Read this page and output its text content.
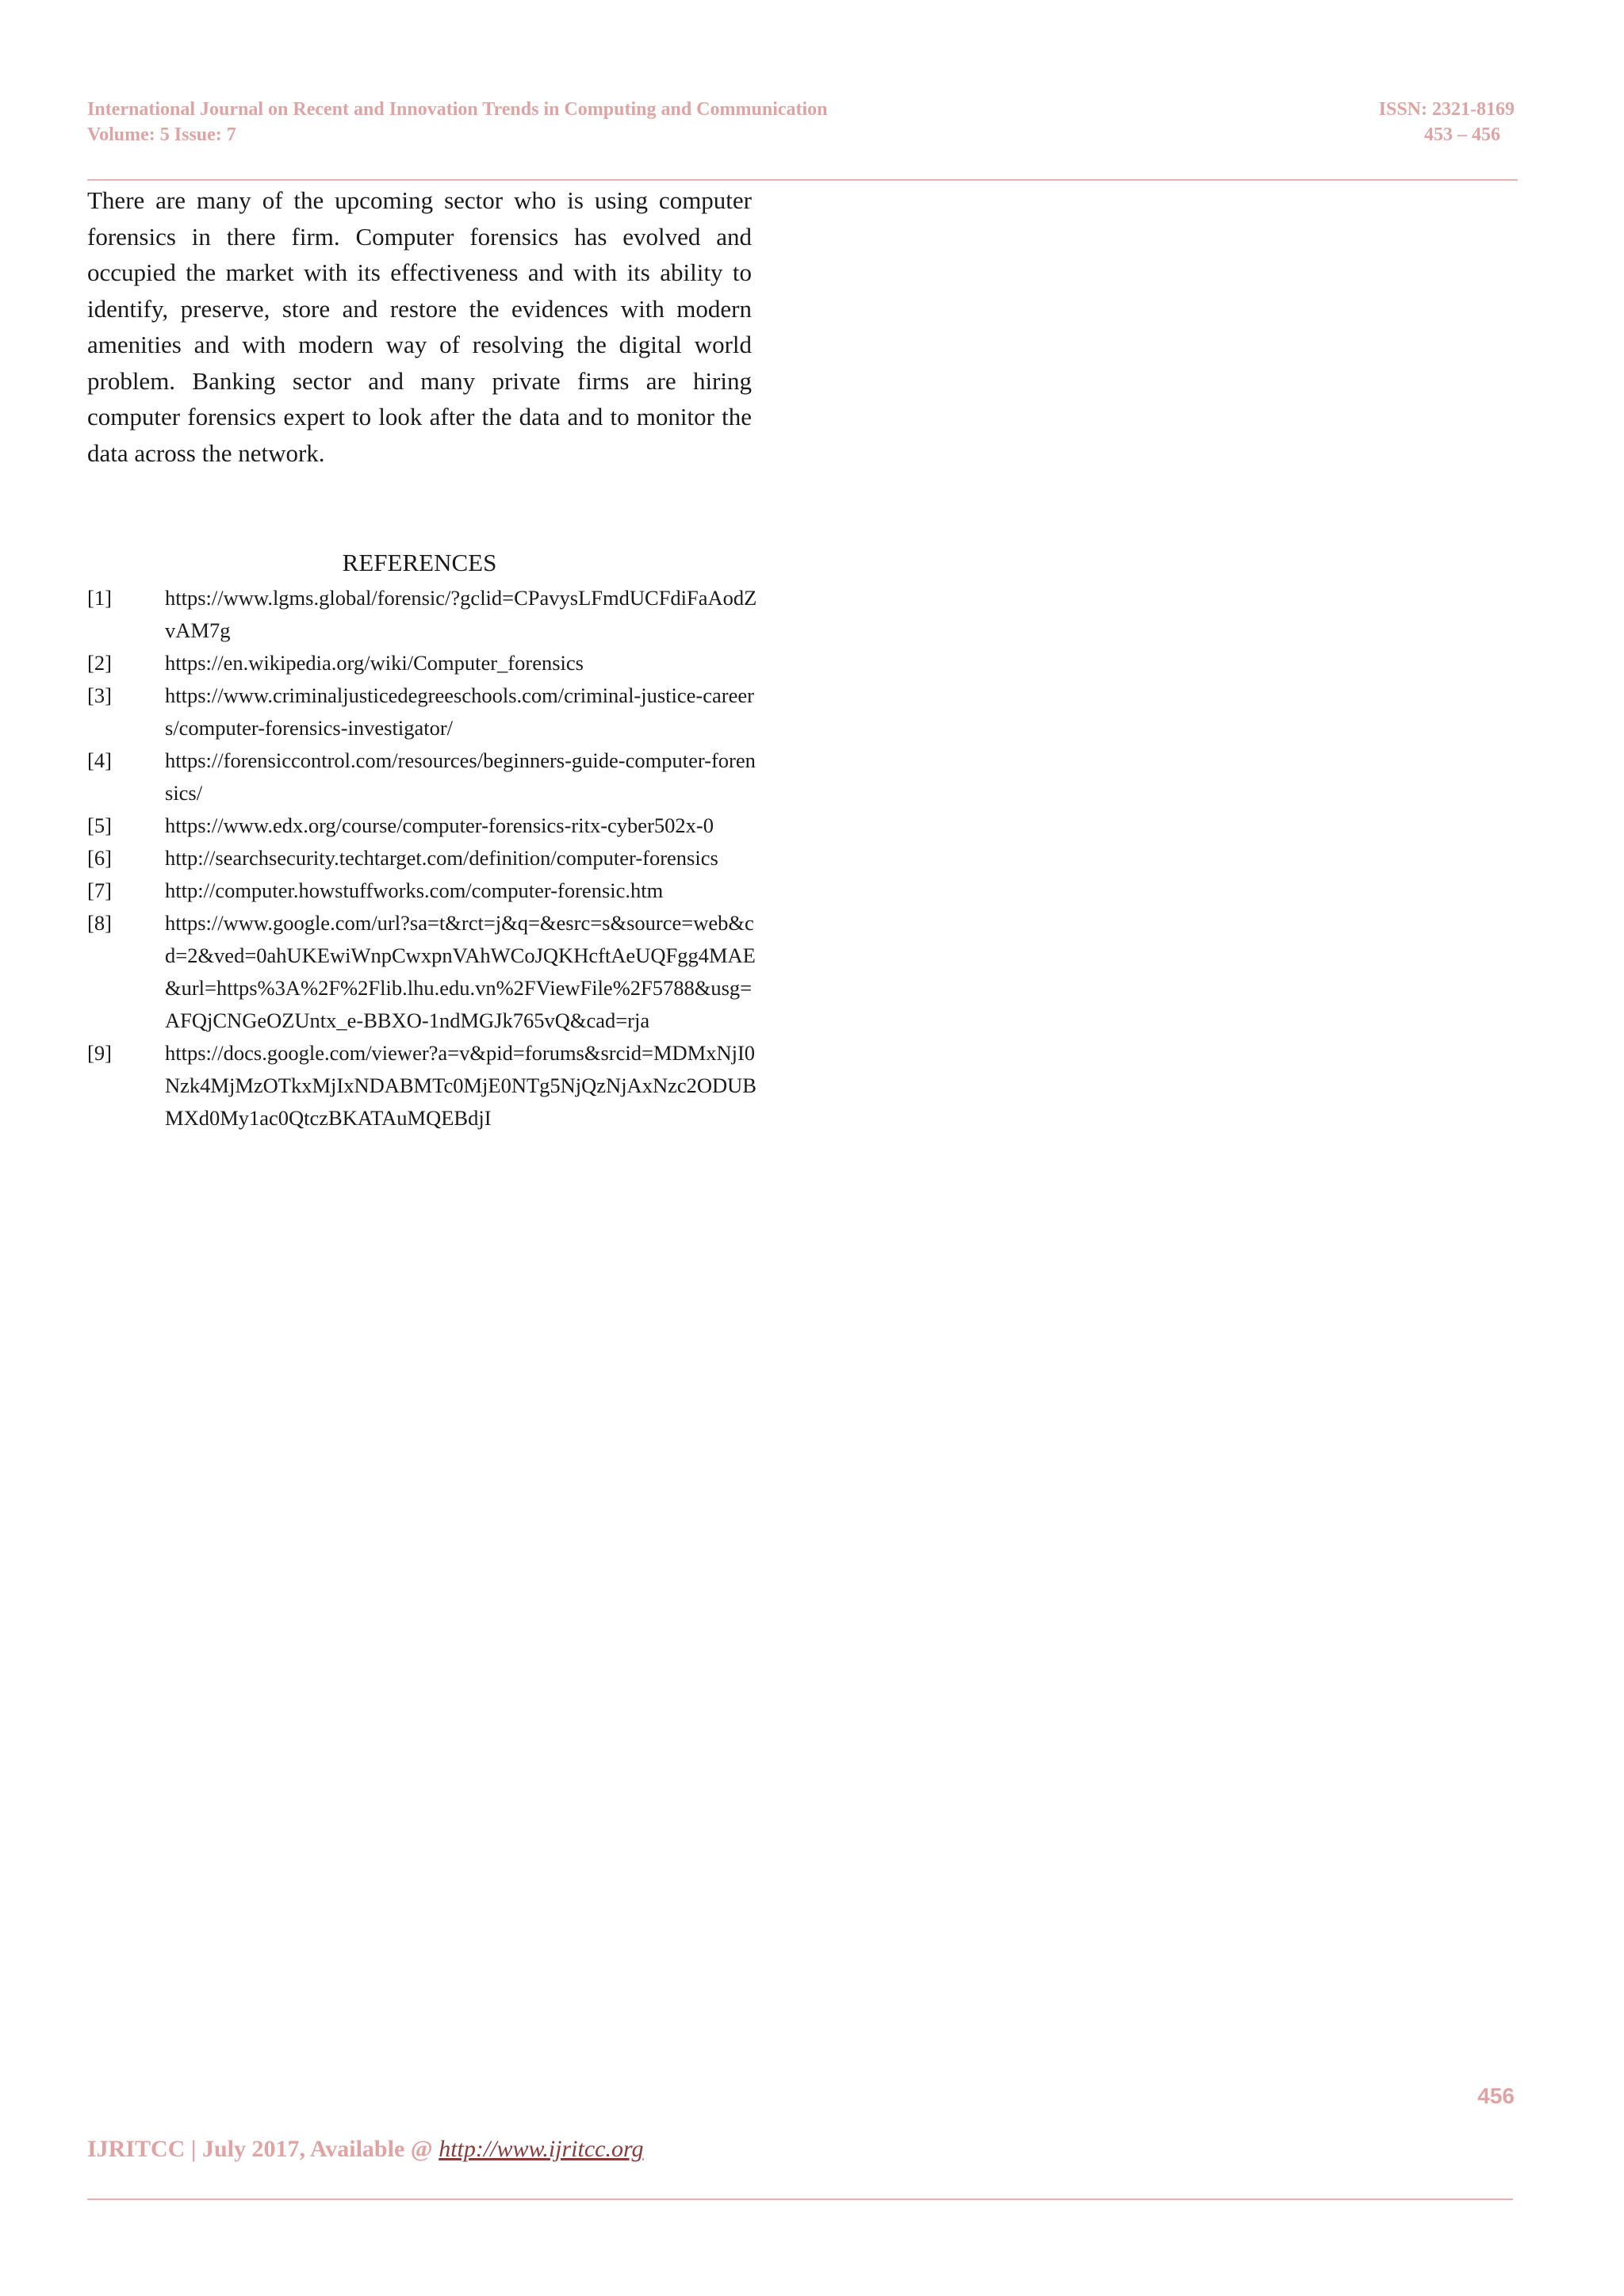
International Journal on Recent and Innovation Trends in Computing and Communication
Volume: 5 Issue: 7
ISSN: 2321-8169
453 – 456

There are many of the upcoming sector who is using computer forensics in there firm. Computer forensics has evolved and occupied the market with its effectiveness and with its ability to identify, preserve, store and restore the evidences with modern amenities and with modern way of resolving the digital world problem. Banking sector and many private firms are hiring computer forensics expert to look after the data and to monitor the data across the network.

REFERENCES
[1]	https://www.lgms.global/forensic/?gclid=CPavysLFmdUCFdiFaAodZvAM7g
[2]	https://en.wikipedia.org/wiki/Computer_forensics
[3]	https://www.criminaljusticedegreeschools.com/criminal-justice-careers/computer-forensics-investigator/
[4]	https://forensiccontrol.com/resources/beginners-guide-computer-forensics/
[5]	https://www.edx.org/course/computer-forensics-ritx-cyber502x-0
[6]	http://searchsecurity.techtarget.com/definition/computer-forensics
[7]	http://computer.howstuffworks.com/computer-forensic.htm
[8]	https://www.google.com/url?sa=t&rct=j&q=&esrc=s&source=web&cd=2&ved=0ahUKEwiWnpCwxpnVAhWCoJQKHcftAeUQFgg4MAE&url=https%3A%2F%2Flib.lhu.edu.vn%2FViewFile%2F5788&usg=AFQjCNGeOZUntx_e-BBXO-1ndMGJk765vQ&cad=rja
[9]	https://docs.google.com/viewer?a=v&pid=forums&srcid=MDMxNjI0Nzk4MjMzOTkxMjIxNDABMTc0MjE0NTg5NjQzNjAxNzc2ODUBMXd0My1ac0QtczBKATAuMQEBdjI
456
IJRITCC | July 2017, Available @ http://www.ijritcc.org
